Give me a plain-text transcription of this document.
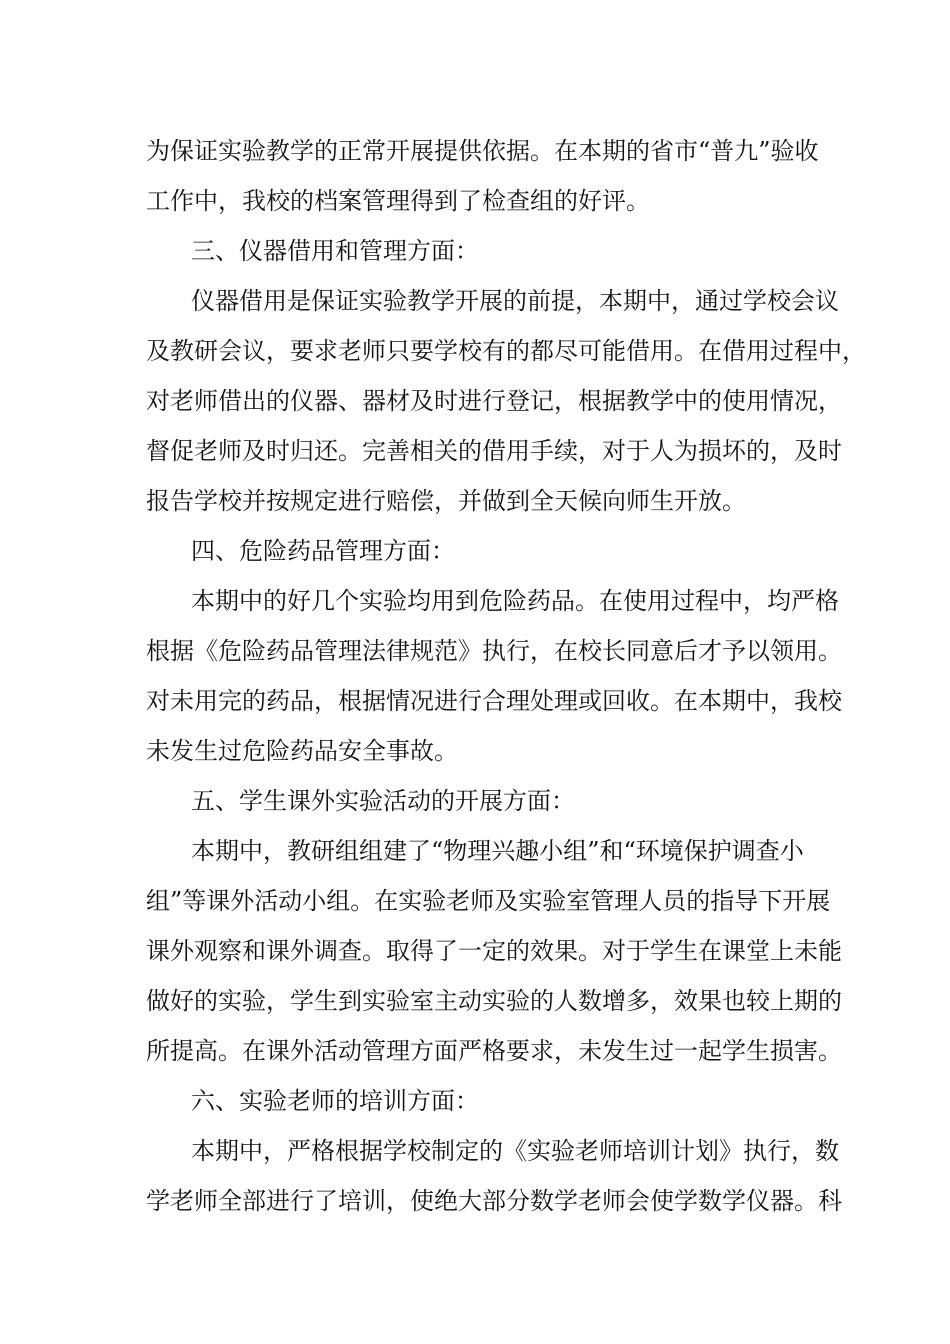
为保证实验教学的正常开展提供依据。在本期的省市“普九”验收

工作中，我校的档案管理得到了检查组的好评。

三、仪器借用和管理方面：

仪器借用是保证实验教学开展的前提，本期中，通过学校会议

及教研会议，要求老师只要学校有的都尽可能借用。在借用过程中，

对老师借出的仪器、器材及时进行登记，根据教学中的使用情况，

督促老师及时归还。完善相关的借用手续，对于人为损坏的，及时

报告学校并按规定进行赔偿，并做到全天候向师生开放。

四、危险药品管理方面：

本期中的好几个实验均用到危险药品。在使用过程中，均严格

根据《危险药品管理法律规范》执行，在校长同意后才予以领用。

对未用完的药品，根据情况进行合理处理或回收。在本期中，我校

未发生过危险药品安全事故。

五、学生课外实验活动的开展方面：

本期中，教研组组建了“物理兴趣小组”和“环境保护调查小

组”等课外活动小组。在实验老师及实验室管理人员的指导下开展

课外观察和课外调查。取得了一定的效果。对于学生在课堂上未能

做好的实验，学生到实验室主动实验的人数增多，效果也较上期的

所提高。在课外活动管理方面严格要求，未发生过一起学生损害。

六、实验老师的培训方面：

本期中，严格根据学校制定的《实验老师培训计划》执行，数

学老师全部进行了培训，使绝大部分数学老师会使学数学仪器。科
